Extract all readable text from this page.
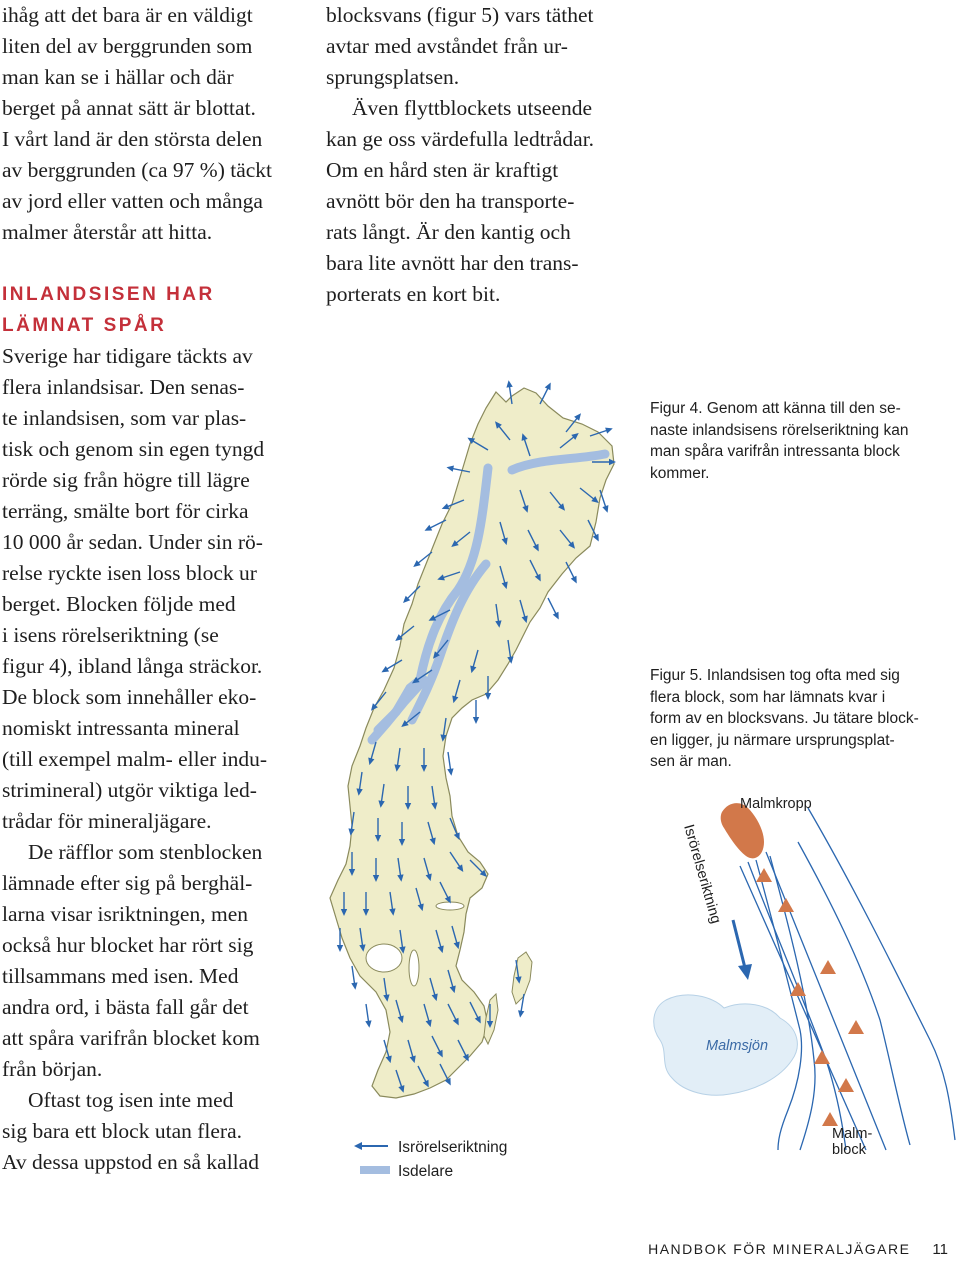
ihåg att det bara är en väldigt
liten del av berggrunden som
man kan se i hällar och där
berget på annat sätt är blottat.
I vårt land är den största delen
av berggrunden (ca 97 %) täckt
av jord eller vatten och många
malmer återstår att hitta.
INLANDSISEN HAR
LÄMNAT SPÅR
Sverige har tidigare täckts av
flera inlandsisar. Den senas-
te inlandsisen, som var plas-
tisk och genom sin egen tyngd
rörde sig från högre till lägre
terräng, smälte bort för cirka
10 000 år sedan. Under sin rö-
relse ryckte isen loss block ur
berget. Blocken följde med
i isens rörelseriktning (se
figur 4), ibland långa sträckor.
De block som innehåller eko-
nomiskt intressanta mineral
(till exempel malm- eller indu-
strimineral) utgör viktiga led-
trådar för mineraljägare.
De räfflor som stenblocken
lämnade efter sig på berghäl-
larna visar isriktningen, men
också hur blocket har rört sig
tillsammans med isen. Med
andra ord, i bästa fall går det
att spåra varifrån blocket kom
från början.
Oftast tog isen inte med
sig bara ett block utan flera.
Av dessa uppstod en så kallad
blocksvans (figur 5) vars täthet
avtar med avståndet från ur-
sprungsplatsen.
Även flyttblockets utseende
kan ge oss värdefulla ledtrådar.
Om en hård sten är kraftigt
avnött bör den ha transporte-
rats långt. Är den kantig och
bara lite avnött har den trans-
porterats en kort bit.
Figur 4. Genom att känna till den se-
naste inlandsisens rörelseriktning kan
man spåra varifrån intressanta block
kommer.
Figur 5. Inlandsisen tog ofta med sig
flera block, som har lämnats kvar i
form av en blocksvans. Ju tätare block-
en ligger, ju närmare ursprungsplat-
sen är man.
Isrörelseriktning
Isdelare
Malmkropp
Isrörelseriktning
Malmsjön
Malm-
block
HANDBOK FÖR MINERALJÄGARE 11
